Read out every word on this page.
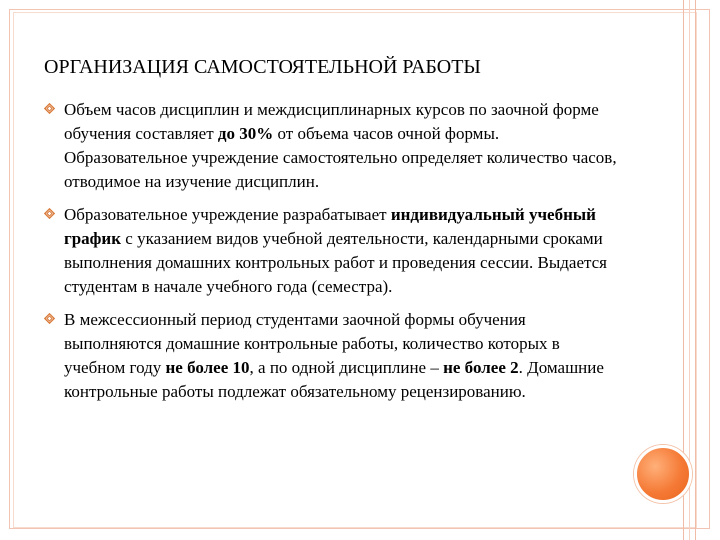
ОРГАНИЗАЦИЯ САМОСТОЯТЕЛЬНОЙ РАБОТЫ
Объем часов дисциплин и междисциплинарных курсов по заочной форме обучения составляет до 30% от объема часов очной формы. Образовательное учреждение самостоятельно определяет количество часов, отводимое на изучение дисциплин.
Образовательное учреждение разрабатывает индивидуальный учебный график с указанием видов учебной деятельности, календарными сроками выполнения домашних контрольных работ и проведения сессии. Выдается студентам в начале учебного года (семестра).
В межсессионный период студентами заочной формы обучения выполняются домашние контрольные работы, количество которых в учебном году не более 10, а по одной дисциплине – не более 2. Домашние контрольные работы подлежат обязательному рецензированию.
